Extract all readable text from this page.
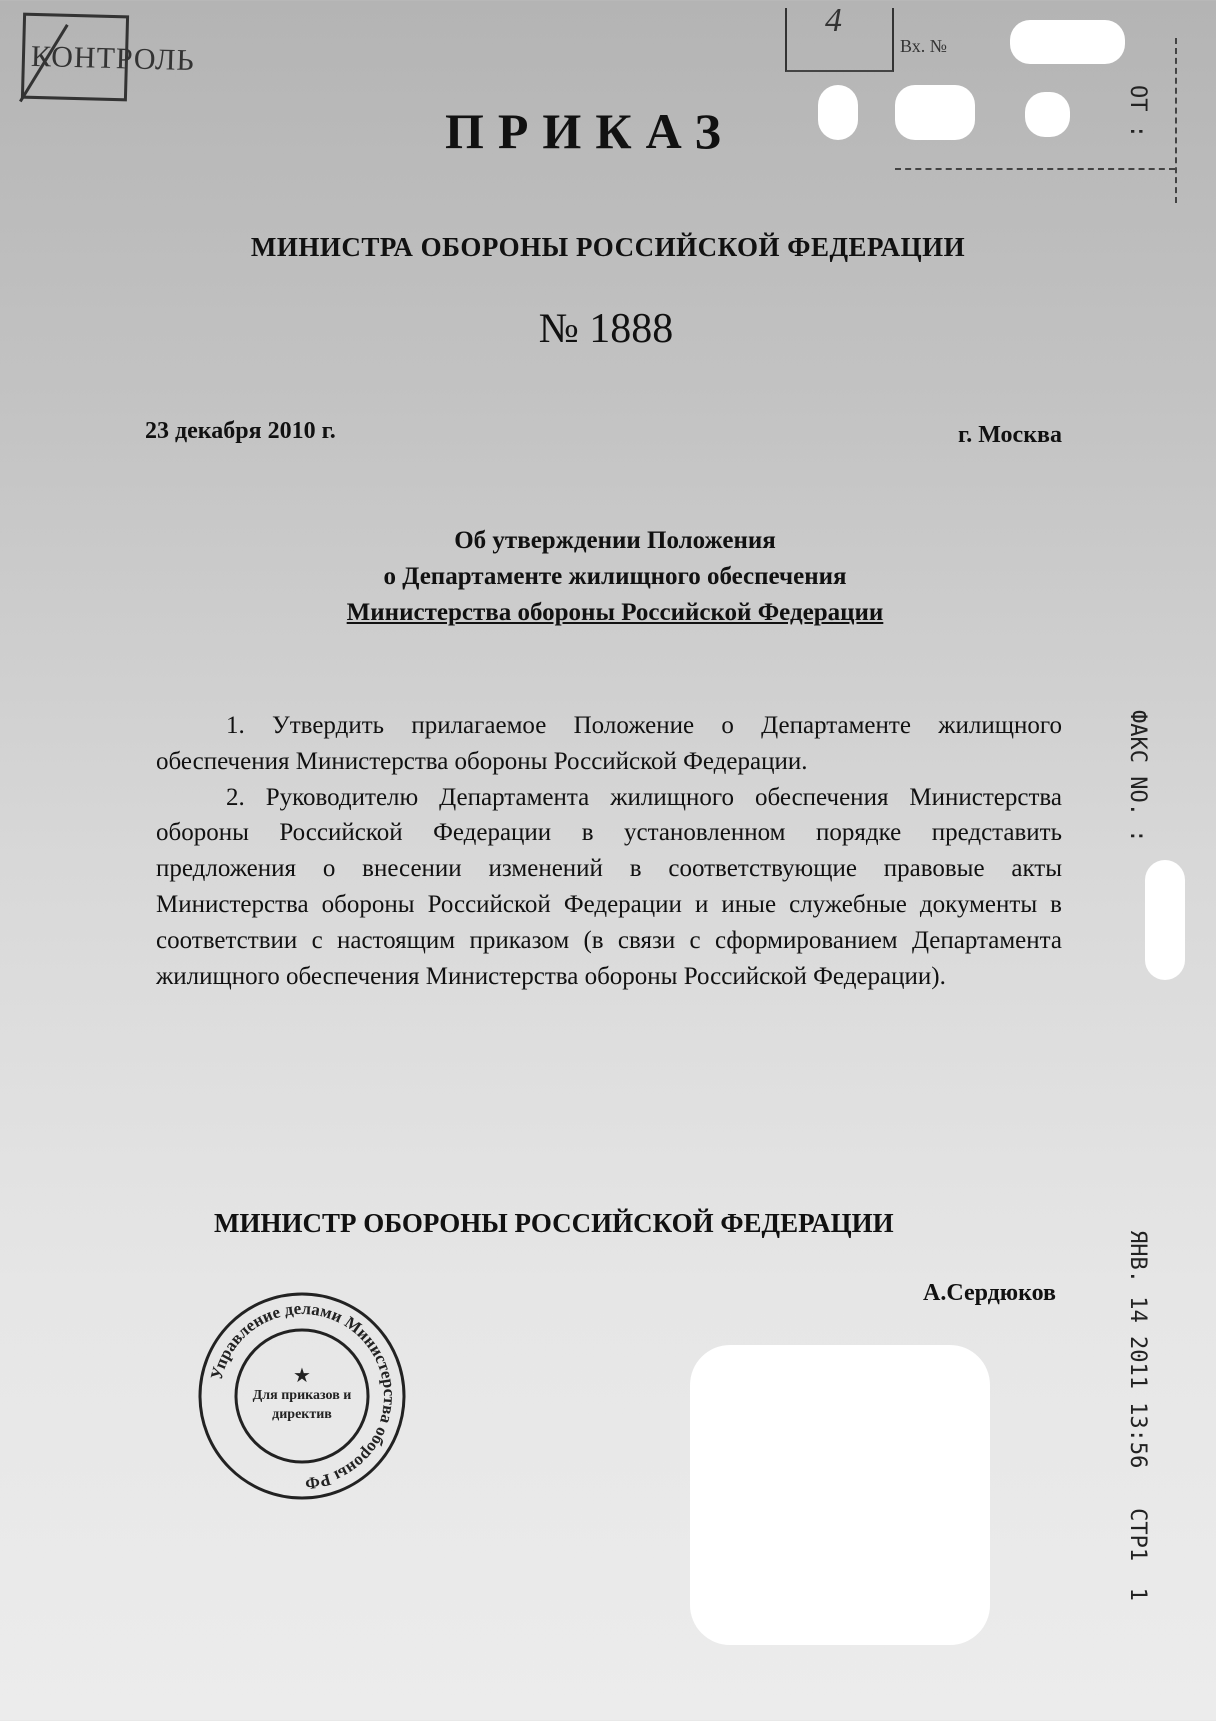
КОНТРОЛЬ
4
Вх. №
ПРИКАЗ
МИНИСТРА ОБОРОНЫ РОССИЙСКОЙ ФЕДЕРАЦИИ
№ 1888
23 декабря 2010 г.	г. Москва
Об утверждении Положения
о Департаменте жилищного обеспечения
Министерства обороны Российской Федерации

1. Утвердить прилагаемое Положение о Департаменте жилищного обеспечения Министерства обороны Российской Федерации.

2. Руководителю Департамента жилищного обеспечения Министерства обороны Российской Федерации в установленном порядке представить предложения о внесении изменений в соответствующие правовые акты Министерства обороны Российской Федерации и иные служебные документы в соответствии с настоящим приказом (в связи с сформированием Департамента жилищного обеспечения Министерства обороны Российской Федерации).

МИНИСТР ОБОРОНЫ РОССИЙСКОЙ ФЕДЕРАЦИИ
А.Сердюков
Управление делами Министерства обороны РФ
★
Для приказов и директив
ОТ :
ФАКС NO. :
ЯНВ. 14 2011 13:56   СТР1  1
